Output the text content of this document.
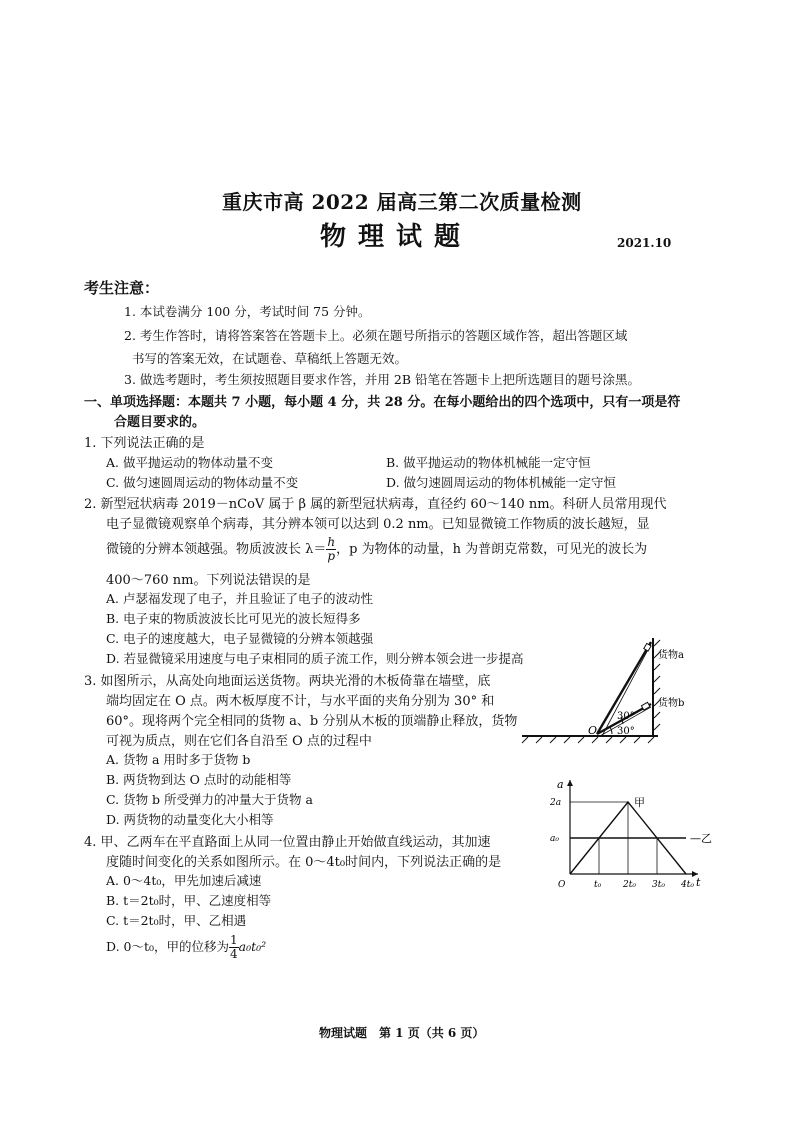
重庆市高 2022 届高三第二次质量检测
物理试题	2021.10
考生注意：
1. 本试卷满分 100 分，考试时间 75 分钟。
2. 考生作答时，请将答案答在答题卡上。必须在题号所指示的答题区域作答，超出答题区域
书写的答案无效，在试题卷、草稿纸上答题无效。
3. 做选考题时，考生须按照题目要求作答，并用 2B 铅笔在答题卡上把所选题目的题号涂黑。
一、单项选择题：本题共 7 小题，每小题 4 分，共 28 分。在每小题给出的四个选项中，只有一项是符
合题目要求的。
1. 下列说法正确的是
A. 做平抛运动的物体动量不变	B. 做平抛运动的物体机械能一定守恒
C. 做匀速圆周运动的物体动量不变	D. 做匀速圆周运动的物体机械能一定守恒
2. 新型冠状病毒 2019－nCoV 属于 β 属的新型冠状病毒，直径约 60～140 nm。科研人员常用现代
电子显微镜观察单个病毒，其分辨本领可以达到 0.2 nm。已知显微镜工作物质的波长越短，显
微镜的分辨本领越强。物质波波长 $\lambda= \frac{h}{p}$ ，p 为物体的动量，h 为普朗克常数，可见光的波长为
400～760 nm。下列说法错误的是
A. 卢瑟福发现了电子，并且验证了电子的波动性
B. 电子束的物质波波长比可见光的波长短得多
C. 电子的速度越大，电子显微镜的分辨本领越强
D. 若显微镜采用速度与电子束相同的质子流工作，则分辨本领会进一步提高
3. 如图所示，从高处向地面运送货物。两块光滑的木板倚靠在墙壁，底
端均固定在 O 点。两木板厚度不计，与水平面的夹角分别为 30° 和
60°。现将两个完全相同的货物 a、b 分别从木板的顶端静止释放，货物
可视为质点，则在它们各自沿至 O 点的过程中
A. 货物 a 用时多于货物 b
B. 两货物到达 O 点时的动能相等
C. 货物 b 所受弹力的冲量大于货物 a
D. 两货物的动量变化大小相等
货物a
货物b
30°
30°
O
4. 甲、乙两车在平直路面上从同一位置由静止开始做直线运动，其加速
度随时间变化的关系如图所示。在 0～4t₀时间内，下列说法正确的是
A. 0～4t₀，甲先加速后减速
B. t＝2t₀时，甲、乙速度相等
C. t＝2t₀时，甲、乙相遇
D. 0～t₀，甲的位移为 $\frac{1}{4} a_0t_0^2$
t
a
O	t₀ 2t₀ 3t₀ 4t₀
a₀
2a	甲
—乙
物理试题　第 1 页（共 6 页）
